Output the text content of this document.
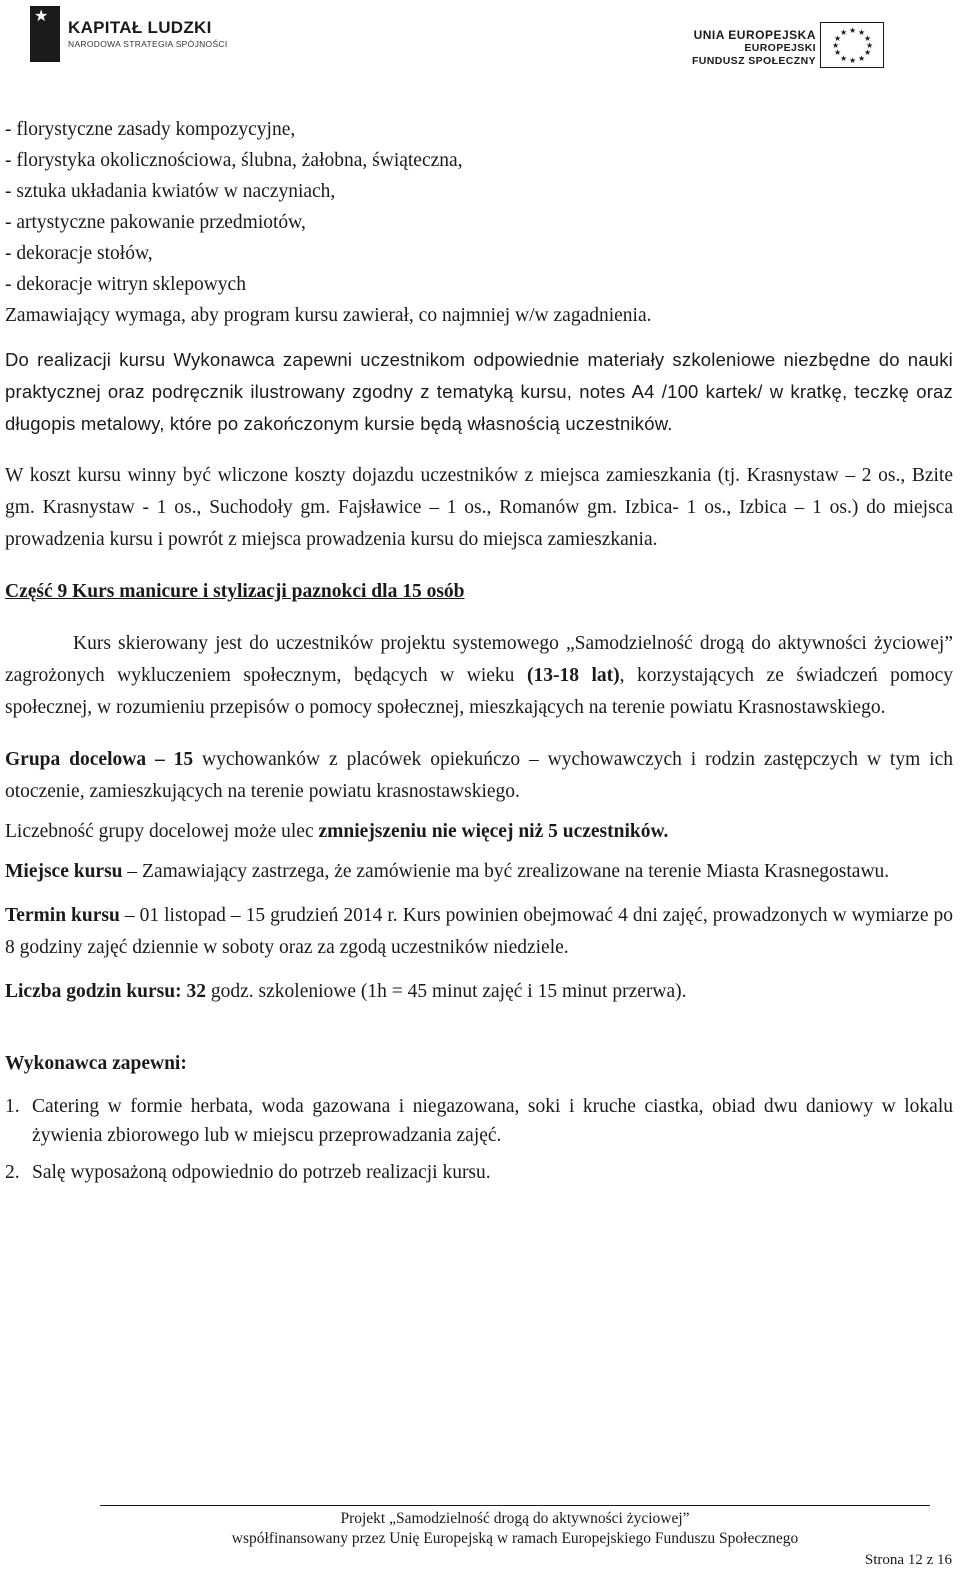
★
KAPITAŁ LUDZKI
NARODOWA STRATEGIA SPÓJNOŚCI
UNIA EUROPEJSKA
EUROPEJSKI
FUNDUSZ SPOŁECZNY
★ ★
★
★
★
★
★
★
★
★
★
★

- florystyczne zasady kompozycyjne,

- florystyka okolicznościowa, ślubna, żałobna, świąteczna,

- sztuka układania kwiatów w naczyniach,

- artystyczne pakowanie przedmiotów,

- dekoracje stołów,

- dekoracje witryn sklepowych

Zamawiający wymaga, aby program kursu zawierał, co najmniej w/w zagadnienia.

Do realizacji kursu Wykonawca zapewni uczestnikom odpowiednie materiały szkoleniowe niezbędne do nauki praktycznej oraz podręcznik ilustrowany zgodny z tematyką kursu, notes A4 /100 kartek/ w kratkę, teczkę oraz długopis metalowy, które po zakończonym kursie będą własnością uczestników.

W koszt kursu winny być wliczone koszty dojazdu uczestników z miejsca zamieszkania (tj. Krasnystaw – 2 os., Bzite gm. Krasnystaw - 1 os., Suchodoły gm. Fajsławice – 1 os., Romanów gm. Izbica- 1 os., Izbica – 1 os.) do miejsca prowadzenia kursu i powrót z miejsca prowadzenia kursu do miejsca zamieszkania.

Część 9 Kurs manicure i stylizacji paznokci dla 15 osób

Kurs skierowany jest do uczestników projektu systemowego „Samodzielność drogą do aktywności życiowej” zagrożonych wykluczeniem społecznym, będących w wieku (13-18 lat), korzystających ze świadczeń pomocy społecznej, w rozumieniu przepisów o pomocy społecznej, mieszkających na terenie powiatu Krasnostawskiego.

Grupa docelowa – 15 wychowanków z placówek opiekuńczo – wychowawczych i rodzin zastępczych w tym ich otoczenie, zamieszkujących na terenie powiatu krasnostawskiego.

Liczebność grupy docelowej może ulec zmniejszeniu nie więcej niż 5 uczestników.

Miejsce kursu – Zamawiający zastrzega, że zamówienie ma być zrealizowane na terenie Miasta Krasnegostawu.

Termin kursu – 01 listopad – 15 grudzień 2014 r. Kurs powinien obejmować 4 dni zajęć, prowadzonych w wymiarze po 8 godziny zajęć dziennie w soboty oraz za zgodą uczestników niedziele.

Liczba godzin kursu: 32 godz. szkoleniowe (1h = 45 minut zajęć i 15 minut przerwa).

Wykonawca zapewni:

1. Catering w formie herbata, woda gazowana i niegazowana, soki i kruche ciastka, obiad dwu daniowy w lokalu żywienia zbiorowego lub w miejscu przeprowadzania zajęć.
2. Salę wyposażoną odpowiednio do potrzeb realizacji kursu.
Projekt „Samodzielność drogą do aktywności życiowej”
współfinansowany przez Unię Europejską w ramach Europejskiego Funduszu Społecznego
Strona 12 z 16
